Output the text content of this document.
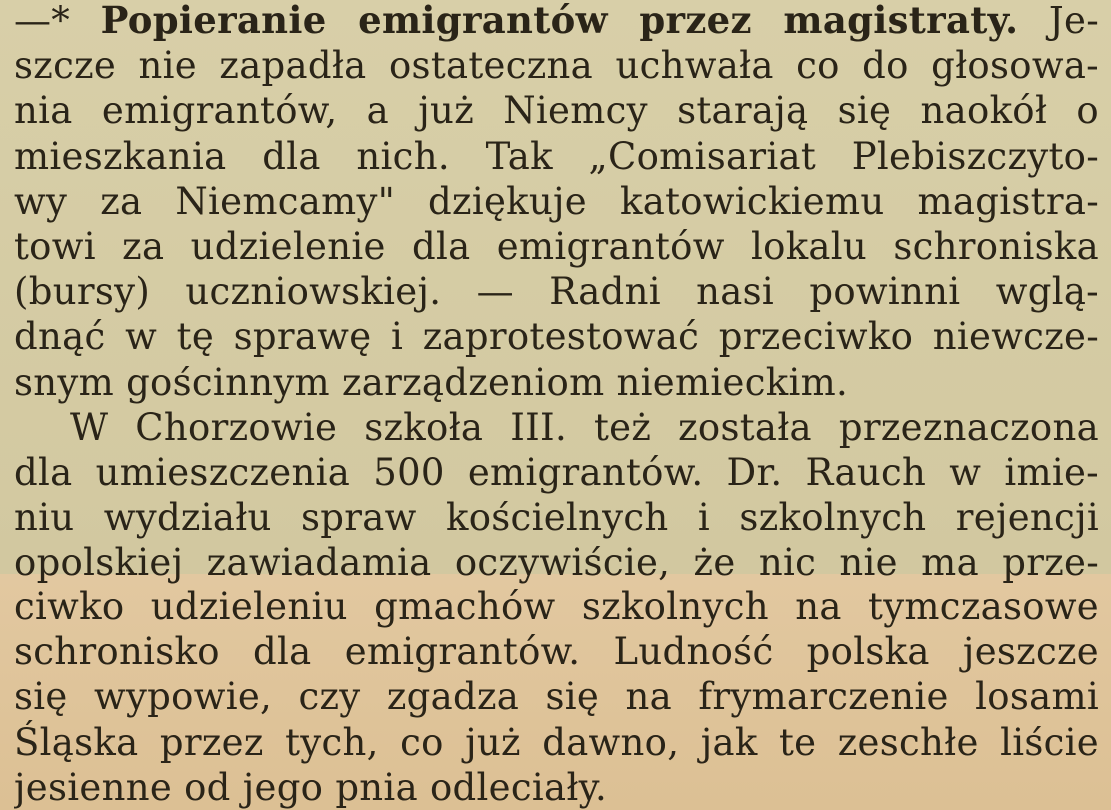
—* Popieranie emigrantów przez magistraty. Je-
szcze nie zapadła ostateczna uchwała co do głosowa-
nia emigrantów, a już Niemcy starają się naokół o
mieszkania dla nich. Tak „Comisariat Plebiszczyto-
wy za Niemcamy" dziękuje katowickiemu magistra-
towi za udzielenie dla emigrantów lokalu schroniska
(bursy) uczniowskiej. — Radni nasi powinni wglą-
dnąć w tę sprawę i zaprotestować przeciwko niewcze-
snym gościnnym zarządzeniom niemieckim.
W Chorzowie szkoła III. też została przeznaczona
dla umieszczenia 500 emigrantów. Dr. Rauch w imie-
niu wydziału spraw kościelnych i szkolnych rejencji
opolskiej zawiadamia oczywiście, że nic nie ma prze-
ciwko udzieleniu gmachów szkolnych na tymczasowe
schronisko dla emigrantów. Ludność polska jeszcze
się wypowie, czy zgadza się na frymarczenie losami
Śląska przez tych, co już dawno, jak te zeschłe liście
jesienne od jego pnia odleciały.
